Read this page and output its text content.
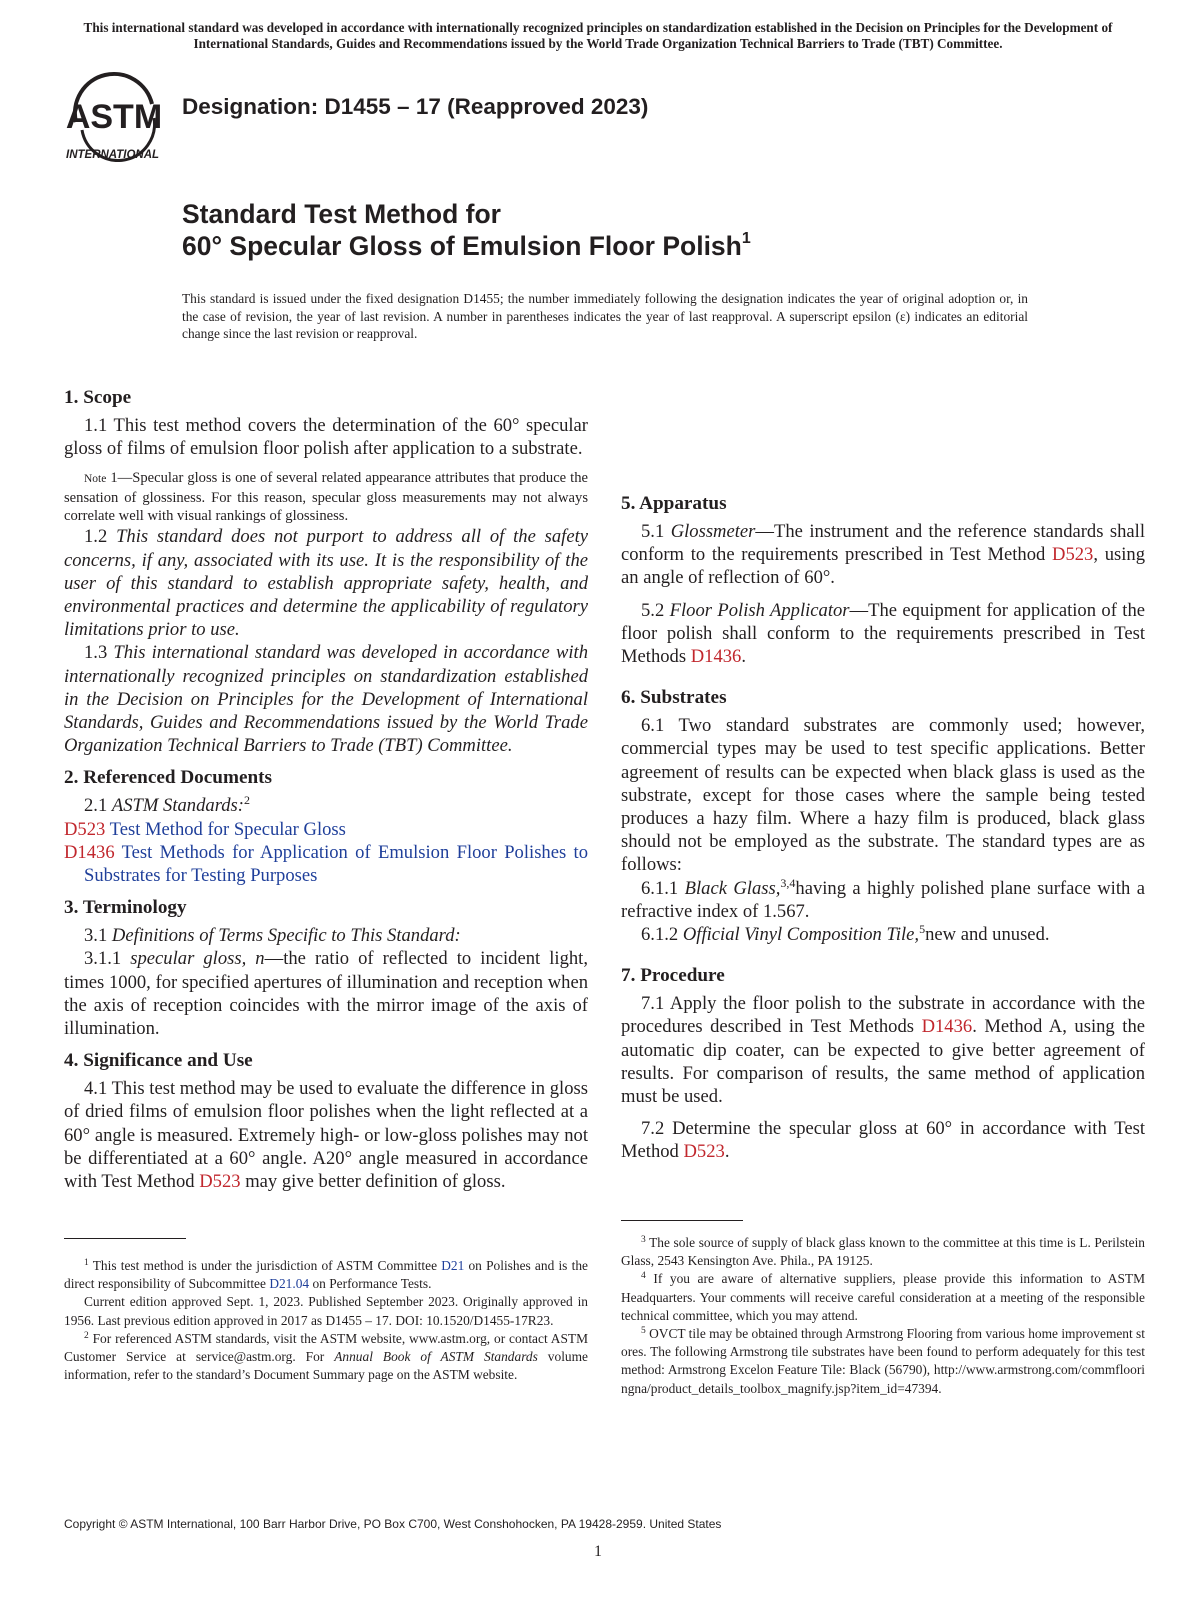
This international standard was developed in accordance with internationally recognized principles on standardization established in the Decision on Principles for the Development of International Standards, Guides and Recommendations issued by the World Trade Organization Technical Barriers to Trade (TBT) Committee.
ASTM
INTERNATIONAL
Designation: D1455 – 17 (Reapproved 2023)
Standard Test Method for
60° Specular Gloss of Emulsion Floor Polish$^1$
This standard is issued under the fixed designation D1455; the number immediately following the designation indicates the year of original adoption or, in the case of revision, the year of last revision. A number in parentheses indicates the year of last reapproval. A superscript epsilon (ε) indicates an editorial change since the last revision or reapproval.
1. Scope

1.1 This test method covers the determination of the 60° specular gloss of films of emulsion floor polish after application to a substrate.

Note 1—Specular gloss is one of several related appearance attributes that produce the sensation of glossiness. For this reason, specular gloss measurements may not always correlate well with visual rankings of glossiness.

1.2 This standard does not purport to address all of the safety concerns, if any, associated with its use. It is the responsibility of the user of this standard to establish appropriate safety, health, and environmental practices and determine the applicability of regulatory limitations prior to use.

1.3 This international standard was developed in accordance with internationally recognized principles on standardization established in the Decision on Principles for the Development of International Standards, Guides and Recommendations issued by the World Trade Organization Technical Barriers to Trade (TBT) Committee.

2. Referenced Documents

2.1 ASTM Standards:$^2$

D523 Test Method for Specular Gloss

D1436 Test Methods for Application of Emulsion Floor Polishes to Substrates for Testing Purposes

3. Terminology

3.1 Definitions of Terms Specific to This Standard:

3.1.1 specular gloss, n—the ratio of reflected to incident light, times 1000, for specified apertures of illumination and reception when the axis of reception coincides with the mirror image of the axis of illumination.

4. Significance and Use

4.1 This test method may be used to evaluate the difference in gloss of dried films of emulsion floor polishes when the light reflected at a 60° angle is measured. Extremely high- or low-gloss polishes may not be differentiated at a 60° angle. A20° angle measured in accordance with Test Method D523 may give better definition of gloss.

5. Apparatus

5.1 Glossmeter—The instrument and the reference standards shall conform to the requirements prescribed in Test Method D523, using an angle of reflection of 60°.

5.2 Floor Polish Applicator—The equipment for application of the floor polish shall conform to the requirements prescribed in Test Methods D1436.

6. Substrates

6.1 Two standard substrates are commonly used; however, commercial types may be used to test specific applications. Better agreement of results can be expected when black glass is used as the substrate, except for those cases where the sample being tested produces a hazy film. Where a hazy film is produced, black glass should not be employed as the substrate. The standard types are as follows:

6.1.1 Black Glass,$^{3,4}$having a highly polished plane surface with a refractive index of 1.567.

6.1.2 Official Vinyl Composition Tile,$^5$new and unused.

7. Procedure

7.1 Apply the floor polish to the substrate in accordance with the procedures described in Test Methods D1436. Method A, using the automatic dip coater, can be expected to give better agreement of results. For comparison of results, the same method of application must be used.

7.2 Determine the specular gloss at 60° in accordance with Test Method D523.

$^1$ This test method is under the jurisdiction of ASTM Committee D21 on Polishes and is the direct responsibility of Subcommittee D21.04 on Performance Tests.

Current edition approved Sept. 1, 2023. Published September 2023. Originally approved in 1956. Last previous edition approved in 2017 as D1455 – 17. DOI: 10.1520/D1455-17R23.

$^2$ For referenced ASTM standards, visit the ASTM website, www.astm.org, or contact ASTM Customer Service at service@astm.org. For Annual Book of ASTM Standards volume information, refer to the standard’s Document Summary page on the ASTM website.

$^3$ The sole source of supply of black glass known to the committee at this time is L. Perilstein Glass, 2543 Kensington Ave. Phila., PA 19125.

$^4$ If you are aware of alternative suppliers, please provide this information to ASTM Headquarters. Your comments will receive careful consideration at a meeting of the responsible technical committee, which you may attend.

$^5$ OVCT tile may be obtained through Armstrong Flooring from various home improvement stores. The following Armstrong tile substrates have been found to perform adequately for this test method: Armstrong Excelon Feature Tile: Black (56790), http://www.armstrong.com/commflooringna/product_details_toolbox_magnify.jsp?item_id=47394.

Copyright © ASTM International, 100 Barr Harbor Drive, PO Box C700, West Conshohocken, PA 19428-2959. United States
1
